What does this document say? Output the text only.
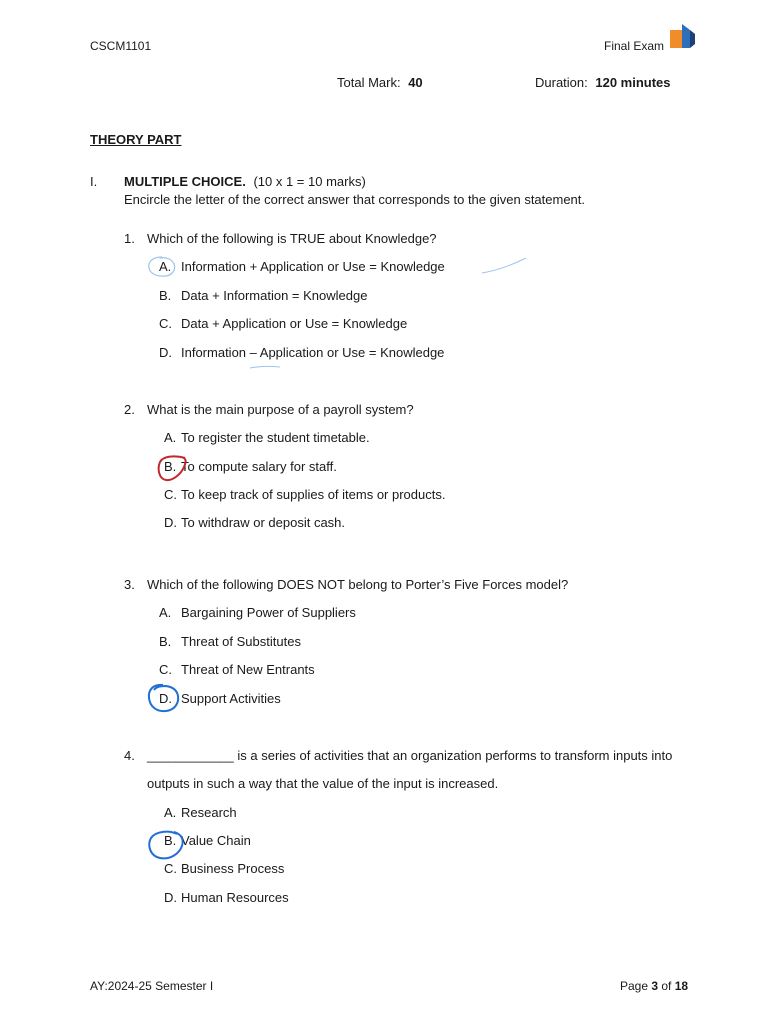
CSCM1101	Final Exam
Total Mark: 40	Duration: 120 minutes
THEORY PART
I. MULTIPLE CHOICE. (10 x 1 = 10 marks)
Encircle the letter of the correct answer that corresponds to the given statement.
1. Which of the following is TRUE about Knowledge?
A. Information + Application or Use = Knowledge
B. Data + Information = Knowledge
C. Data + Application or Use = Knowledge
D. Information – Application or Use = Knowledge
2. What is the main purpose of a payroll system?
A. To register the student timetable.
B. To compute salary for staff.
C. To keep track of supplies of items or products.
D. To withdraw or deposit cash.
3. Which of the following DOES NOT belong to Porter’s Five Forces model?
A. Bargaining Power of Suppliers
B. Threat of Substitutes
C. Threat of New Entrants
D. Support Activities
4. ____________ is a series of activities that an organization performs to transform inputs into
outputs in such a way that the value of the input is increased.
A. Research
B. Value Chain
C. Business Process
D. Human Resources
AY:2024-25 Semester I	Page 3 of 18
